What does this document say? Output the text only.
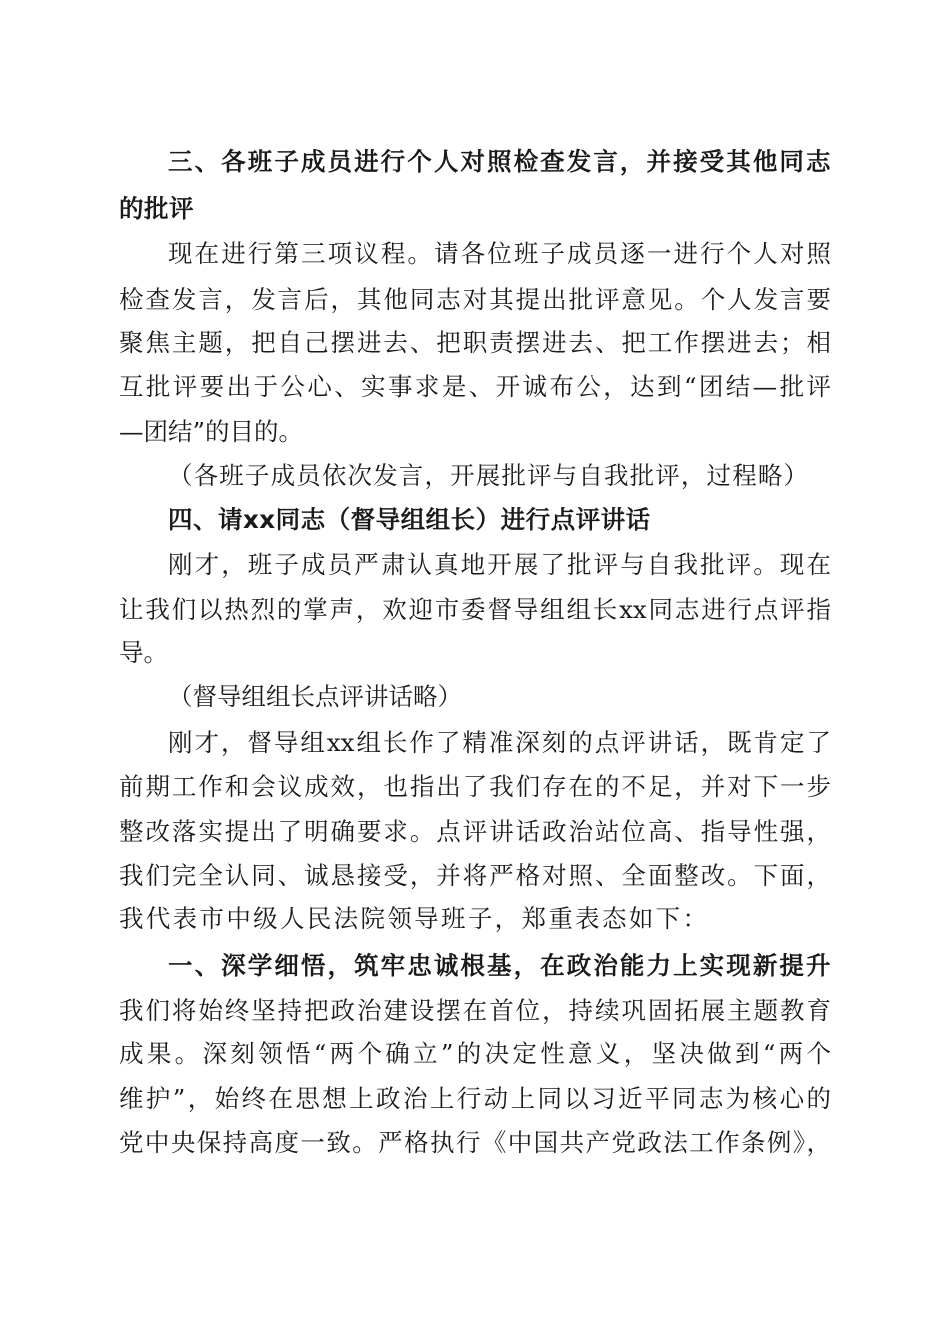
三、各班子成员进行个人对照检查发言，并接受其他同志
的批评
现在进行第三项议程。请各位班子成员逐一进行个人对照
检查发言，发言后，其他同志对其提出批评意见。个人发言要
聚焦主题，把自己摆进去、把职责摆进去、把工作摆进去；相
互批评要出于公心、实事求是、开诚布公，达到“团结—批评
—团结”的目的。
（各班子成员依次发言，开展批评与自我批评，过程略）
四、请xx同志（督导组组长）进行点评讲话
刚才，班子成员严肃认真地开展了批评与自我批评。现在
让我们以热烈的掌声，欢迎市委督导组组长xx同志进行点评指
导。
（督导组组长点评讲话略）
刚才，督导组xx组长作了精准深刻的点评讲话，既肯定了
前期工作和会议成效，也指出了我们存在的不足，并对下一步
整改落实提出了明确要求。点评讲话政治站位高、指导性强，
我们完全认同、诚恳接受，并将严格对照、全面整改。下面，
我代表市中级人民法院领导班子，郑重表态如下：
一、深学细悟，筑牢忠诚根基，在政治能力上实现新提升
我们将始终坚持把政治建设摆在首位，持续巩固拓展主题教育
成果。深刻领悟“两个确立”的决定性意义，坚决做到“两个
维护”，始终在思想上政治上行动上同以习近平同志为核心的
党中央保持高度一致。严格执行《中国共产党政法工作条例》，
